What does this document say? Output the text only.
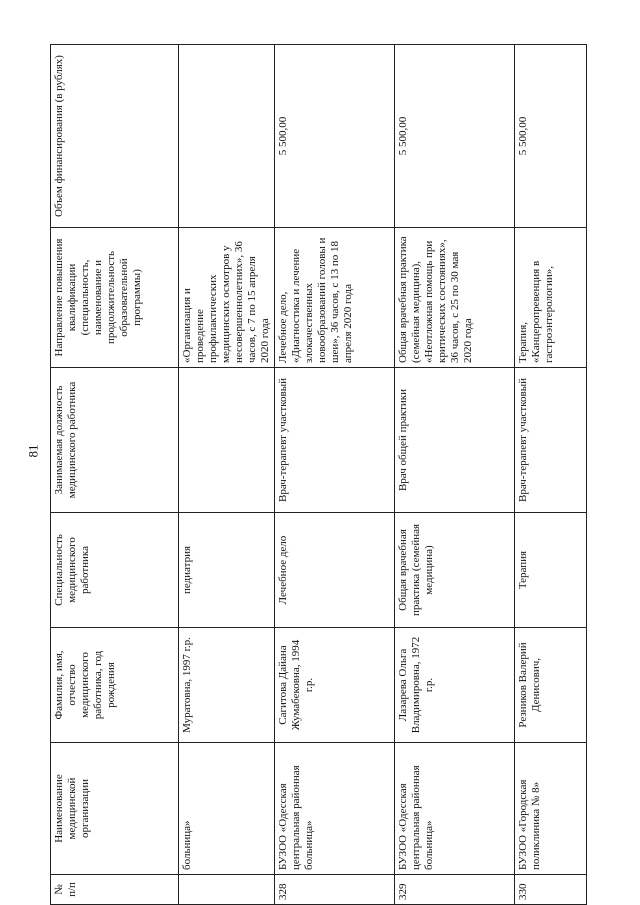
81
№ п/п	Наименование медицинской организации	Фамилия, имя, отчество медицинского работника, год рождения	Специальность медицинского работника	Занимаемая должность медицинского работника	Направление повышения квалификации (специальность, наименование и продолжительность образовательной программы)	Объем финансирования (в рублях)
	больница»	Муратовна, 1997 г.р.	педиатрия		«Организация и проведение профилактических медицинских осмотров у несовершеннолетних», 36 часов, с 7 по 15 апреля 2020 года	
328	БУЗОО «Одесская центральная районная больница»	Сагитова Дайана Жумабековна, 1994 г.р.	Лечебное дело	Врач-терапевт участковый	Лечебное дело, «Диагностика и лечение злокачественных новообразований головы и шеи», 36 часов, с 13 по 18 апреля 2020 года	5 500,00
329	БУЗОО «Одесская центральная районная больница»	Лазарева Ольга Владимировна, 1972 г.р.	Общая врачебная практика (семейная медицина)	Врач общей практики	Общая врачебная практика (семейная медицина), «Неотложная помощь при критических состояниях», 36 часов, с 25 по 30 мая 2020 года	5 500,00
330	БУЗОО «Городская поликлиника № 8»	Резников Валерий Денисович,	Терапия	Врач-терапевт участковый	Терапия, «Канцеропревенция в гастроэнтерологии»,	5 500,00
